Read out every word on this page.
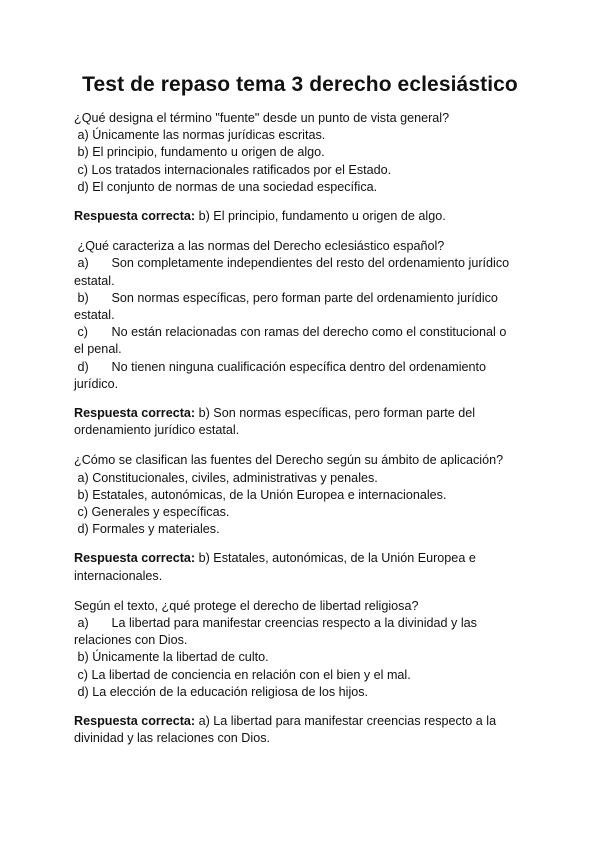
Test de repaso tema 3 derecho eclesiástico

¿Qué designa el término "fuente" desde un punto de vista general?

a) Únicamente las normas jurídicas escritas.

b) El principio, fundamento u origen de algo.

c) Los tratados internacionales ratificados por el Estado.

d) El conjunto de normas de una sociedad específica.

Respuesta correcta: b) El principio, fundamento u origen de algo.

¿Qué caracteriza a las normas del Derecho eclesiástico español?

a) Son completamente independientes del resto del ordenamiento jurídico estatal.

b) Son normas específicas, pero forman parte del ordenamiento jurídico estatal.

c) No están relacionadas con ramas del derecho como el constitucional o el penal.

d) No tienen ninguna cualificación específica dentro del ordenamiento jurídico.

Respuesta correcta: b) Son normas específicas, pero forman parte del ordenamiento jurídico estatal.

¿Cómo se clasifican las fuentes del Derecho según su ámbito de aplicación?

a) Constitucionales, civiles, administrativas y penales.

b) Estatales, autonómicas, de la Unión Europea e internacionales.

c) Generales y específicas.

d) Formales y materiales.

Respuesta correcta: b) Estatales, autonómicas, de la Unión Europea e internacionales.

Según el texto, ¿qué protege el derecho de libertad religiosa?

a) La libertad para manifestar creencias respecto a la divinidad y las relaciones con Dios.

b) Únicamente la libertad de culto.

c) La libertad de conciencia en relación con el bien y el mal.

d) La elección de la educación religiosa de los hijos.

Respuesta correcta: a) La libertad para manifestar creencias respecto a la divinidad y las relaciones con Dios.
